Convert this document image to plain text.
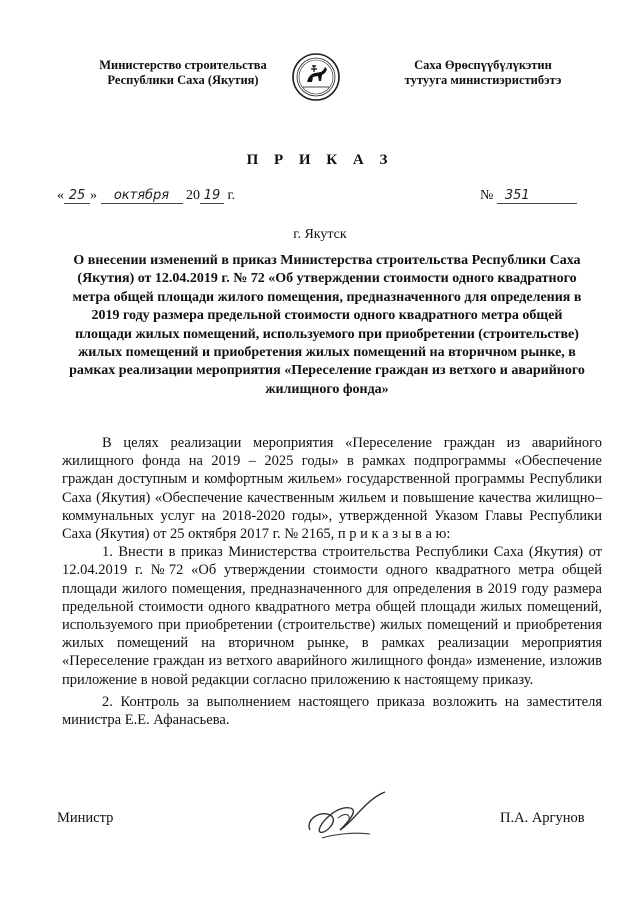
Министерство строительства
Республики Саха (Якутия)
Саха Өрөспүүбүлүкэтин
тутууга министиэристибэтэ
П Р И К А З
« 25 » октября 20 19 г.	№ 351
г. Якутск
О внесении изменений в приказ Министерства строительства Республики Саха (Якутия) от 12.04.2019 г. № 72 «Об утверждении стоимости одного квадратного метра общей площади жилого помещения, предназначенного для определения в 2019 году размера предельной стоимости одного квадратного метра общей площади жилых помещений, используемого при приобретении (строительстве) жилых помещений и приобретения жилых помещений на вторичном рынке, в рамках реализации мероприятия «Переселение граждан из ветхого и аварийного жилищного фонда»

В целях реализации мероприятия «Переселение граждан из аварийного жилищного фонда на 2019 – 2025 годы» в рамках подпрограммы «Обеспечение граждан доступным и комфортным жильем» государственной программы Республики Саха (Якутия) «Обеспечение качественным жильем и повышение качества жилищно–коммунальных услуг на 2018-2020 годы», утвержденной Указом Главы Республики Саха (Якутия) от 25 октября 2017 г. № 2165, п р и к а з ы в а ю:

1. Внести в приказ Министерства строительства Республики Саха (Якутия) от 12.04.2019 г. №72 «Об утверждении стоимости одного квадратного метра общей площади жилого помещения, предназначенного для определения в 2019 году размера предельной стоимости одного квадратного метра общей площади жилых помещений, используемого при приобретении (строительстве) жилых помещений и приобретения жилых помещений на вторичном рынке, в рамках реализации мероприятия «Переселение граждан из ветхого аварийного жилищного фонда» изменение, изложив приложение в новой редакции согласно приложению к настоящему приказу.

2. Контроль за выполнением настоящего приказа возложить на заместителя министра Е.Е. Афанасьева.

Министр	П.А. Аргунов
